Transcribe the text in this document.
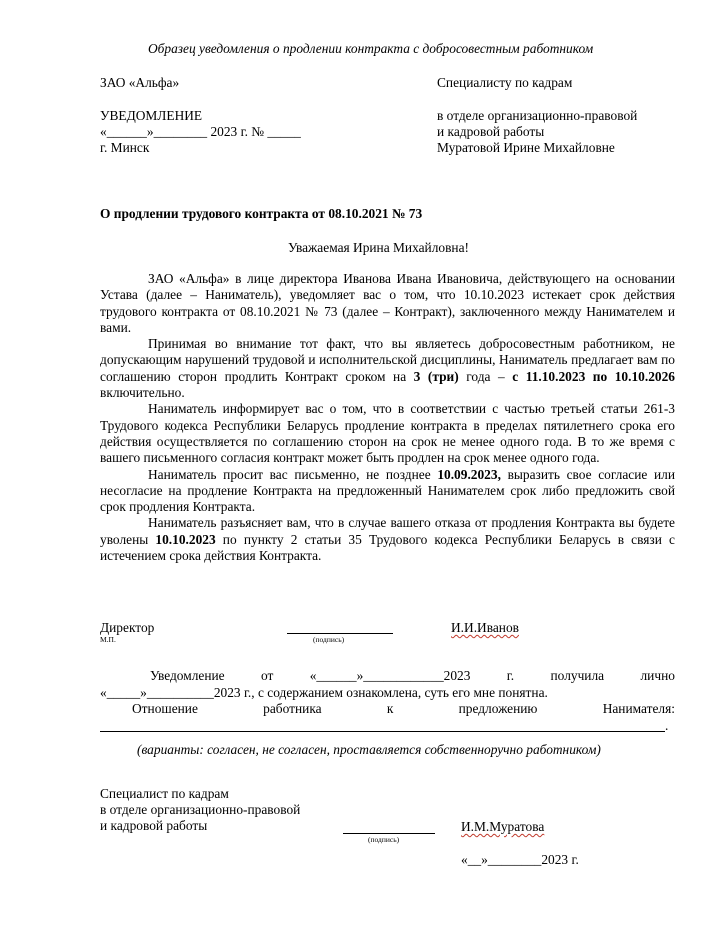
Образец уведомления о продлении контракта с добросовестным работником
ЗАО «Альфа»
УВЕДОМЛЕНИЕ
«______»________ 2023 г. № _____
г. Минск
Специалисту по кадрам
в отделе организационно-правовой
и кадровой работы
Муратовой Ирине Михайловне
О продлении трудового контракта от 08.10.2021 № 73
Уважаемая Ирина Михайловна!

ЗАО «Альфа» в лице директора Иванова Ивана Ивановича, действующего на основании Устава (далее – Наниматель), уведомляет вас о том, что 10.10.2023 истекает срок действия трудового контракта от 08.10.2021 № 73 (далее – Контракт), заключенного между Нанимателем и вами.

Принимая во внимание тот факт, что вы являетесь добросовестным работником, не допускающим нарушений трудовой и исполнительской дисциплины, Наниматель предлагает вам по соглашению сторон продлить Контракт сроком на 3 (три) года – с 11.10.2023 по 10.10.2026 включительно.

Наниматель информирует вас о том, что в соответствии с частью третьей статьи 261-3 Трудового кодекса Республики Беларусь продление контракта в пределах пятилетнего срока его действия осуществляется по соглашению сторон на срок не менее одного года. В то же время с вашего письменного согласия контракт может быть продлен на срок менее одного года.

Наниматель просит вас письменно, не позднее 10.09.2023, выразить свое согласие или несогласие на продление Контракта на предложенный Нанимателем срок либо предложить свой срок продления Контракта.

Наниматель разъясняет вам, что в случае вашего отказа от продления Контракта вы будете уволены 10.10.2023 по пункту 2 статьи 35 Трудового кодекса Республики Беларусь в связи с истечением срока действия Контракта.

Директор
М.П.	(подпись)
И.И.Иванов
Уведомление	от	«______»____________2023	г.	получила	лично
«_____»__________2023 г., с содержанием ознакомлена, суть его мне понятна.
Отношение	работника	к	предложению	Нанимателя:
.
(варианты: согласен, не согласен, проставляется собственноручно работником)
Специалист по кадрам
в отделе организационно-правовой
и кадровой работы
(подпись)
И.М.Муратова
«__»________2023 г.
